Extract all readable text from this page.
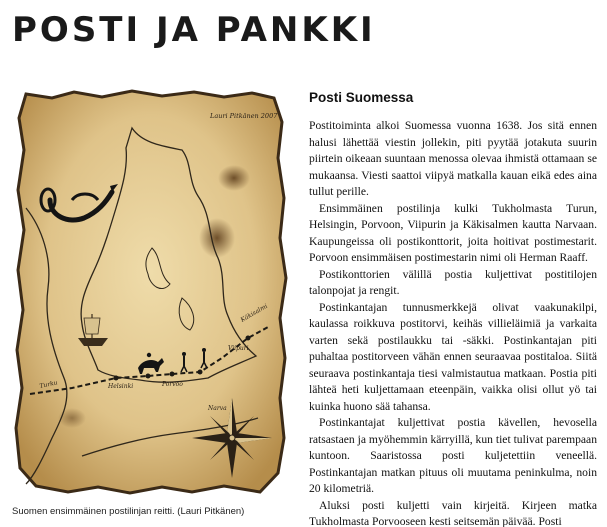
POSTI JA PANKKI
Turku	Helsinki	Porvoo
Viipuri
Käkisalmi
Narva
Lauri Pitkänen 2007
Suomen ensimmäinen postilinjan reitti. (Lauri Pitkänen)
Posti Suomessa

Postitoiminta alkoi Suomessa vuonna 1638. Jos sitä ennen halusi lähettää viestin jollekin, piti pyytää jotakuta suurin piirtein oikeaan suuntaan menossa olevaa ihmistä ottamaan se mukaansa. Viesti saattoi viipyä matkalla kauan eikä edes aina tullut perille.

Ensimmäinen postilinja kulki Tukholmasta Turun, Helsingin, Porvoon, Viipurin ja Käkisalmen kautta Narvaan. Kaupungeissa oli postikonttorit, joita hoitivat postimestarit. Porvoon ensimmäisen postimestarin nimi oli Herman Raaff.

Postikonttorien välillä postia kuljettivat postitilojen talonpojat ja rengit.

Postinkantajan tunnusmerkkejä olivat vaakunakilpi, kaulassa roikkuva postitorvi, keihäs villieläimiä ja varkaita varten sekä postilaukku tai -säkki. Postinkantajan piti puhaltaa postitorveen vähän ennen seuraavaa postitaloa. Siitä seuraava postinkantaja tiesi valmistautua matkaan. Postia piti lähteä heti kuljettamaan eteenpäin, vaikka olisi ollut yö tai kuinka huono sää tahansa.

Postinkantajat kuljettivat postia kävellen, hevosella ratsastaen ja myöhemmin kärryillä, kun tiet tulivat parempaan kuntoon. Saaristossa posti kuljetettiin veneellä. Postinkantajan matkan pituus oli muutama peninkulma, noin 20 kilometriä.

Aluksi posti kuljetti vain kirjeitä. Kirjeen matka Tukholmasta Porvooseen kesti seitsemän päivää. Posti
